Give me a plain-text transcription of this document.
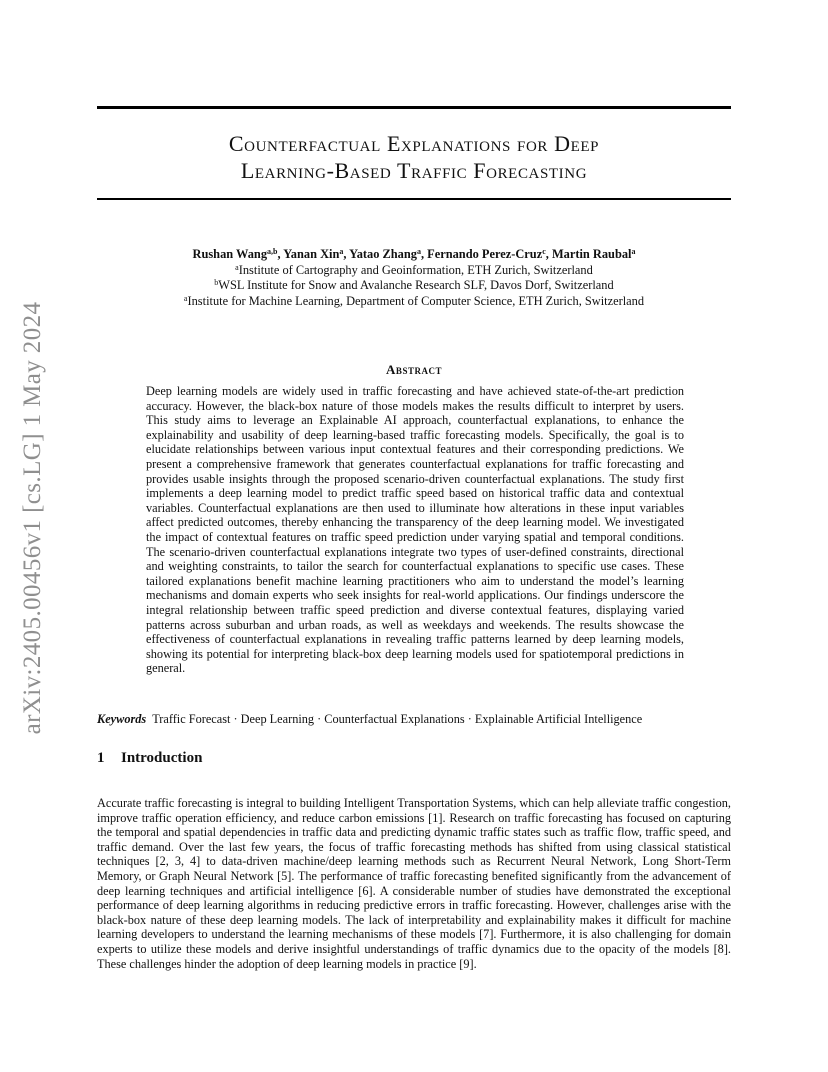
arXiv:2405.00456v1 [cs.LG] 1 May 2024
Counterfactual Explanations for Deep
Learning-Based Traffic Forecasting
Rushan Wang$^{a,b}$, Yanan Xin$^a$, Yatao Zhang$^a$, Fernando Perez-Cruz$^c$, Martin Raubal$^a$
$^a$Institute of Cartography and Geoinformation, ETH Zurich, Switzerland
$^b$WSL Institute for Snow and Avalanche Research SLF, Davos Dorf, Switzerland
$^a$Institute for Machine Learning, Department of Computer Science, ETH Zurich, Switzerland
Abstract
Deep learning models are widely used in traffic forecasting and have achieved state-of-the-art prediction accuracy. However, the black-box nature of those models makes the results difficult to interpret by users. This study aims to leverage an Explainable AI approach, counterfactual explanations, to enhance the explainability and usability of deep learning-based traffic forecasting models. Specifically, the goal is to elucidate relationships between various input contextual features and their corresponding predictions. We present a comprehensive framework that generates counterfactual explanations for traffic forecasting and provides usable insights through the proposed scenario-driven counterfactual explanations. The study first implements a deep learning model to predict traffic speed based on historical traffic data and contextual variables. Counterfactual explanations are then used to illuminate how alterations in these input variables affect predicted outcomes, thereby enhancing the transparency of the deep learning model. We investigated the impact of contextual features on traffic speed prediction under varying spatial and temporal conditions. The scenario-driven counterfactual explanations integrate two types of user-defined constraints, directional and weighting constraints, to tailor the search for counterfactual explanations to specific use cases. These tailored explanations benefit machine learning practitioners who aim to understand the model’s learning mechanisms and domain experts who seek insights for real-world applications. Our findings underscore the integral relationship between traffic speed prediction and diverse contextual features, displaying varied patterns across suburban and urban roads, as well as weekdays and weekends. The results showcase the effectiveness of counterfactual explanations in revealing traffic patterns learned by deep learning models, showing its potential for interpreting black-box deep learning models used for spatiotemporal predictions in general.
Keywords Traffic Forecast · Deep Learning · Counterfactual Explanations · Explainable Artificial Intelligence
1 Introduction
Accurate traffic forecasting is integral to building Intelligent Transportation Systems, which can help alleviate traffic congestion, improve traffic operation efficiency, and reduce carbon emissions [1]. Research on traffic forecasting has focused on capturing the temporal and spatial dependencies in traffic data and predicting dynamic traffic states such as traffic flow, traffic speed, and traffic demand. Over the last few years, the focus of traffic forecasting methods has shifted from using classical statistical techniques [2, 3, 4] to data-driven machine/deep learning methods such as Recurrent Neural Network, Long Short-Term Memory, or Graph Neural Network [5]. The performance of traffic forecasting benefited significantly from the advancement of deep learning techniques and artificial intelligence [6]. A considerable number of studies have demonstrated the exceptional performance of deep learning algorithms in reducing predictive errors in traffic forecasting. However, challenges arise with the black-box nature of these deep learning models. The lack of interpretability and explainability makes it difficult for machine learning developers to understand the learning mechanisms of these models [7]. Furthermore, it is also challenging for domain experts to utilize these models and derive insightful understandings of traffic dynamics due to the opacity of the models [8]. These challenges hinder the adoption of deep learning models in practice [9].
